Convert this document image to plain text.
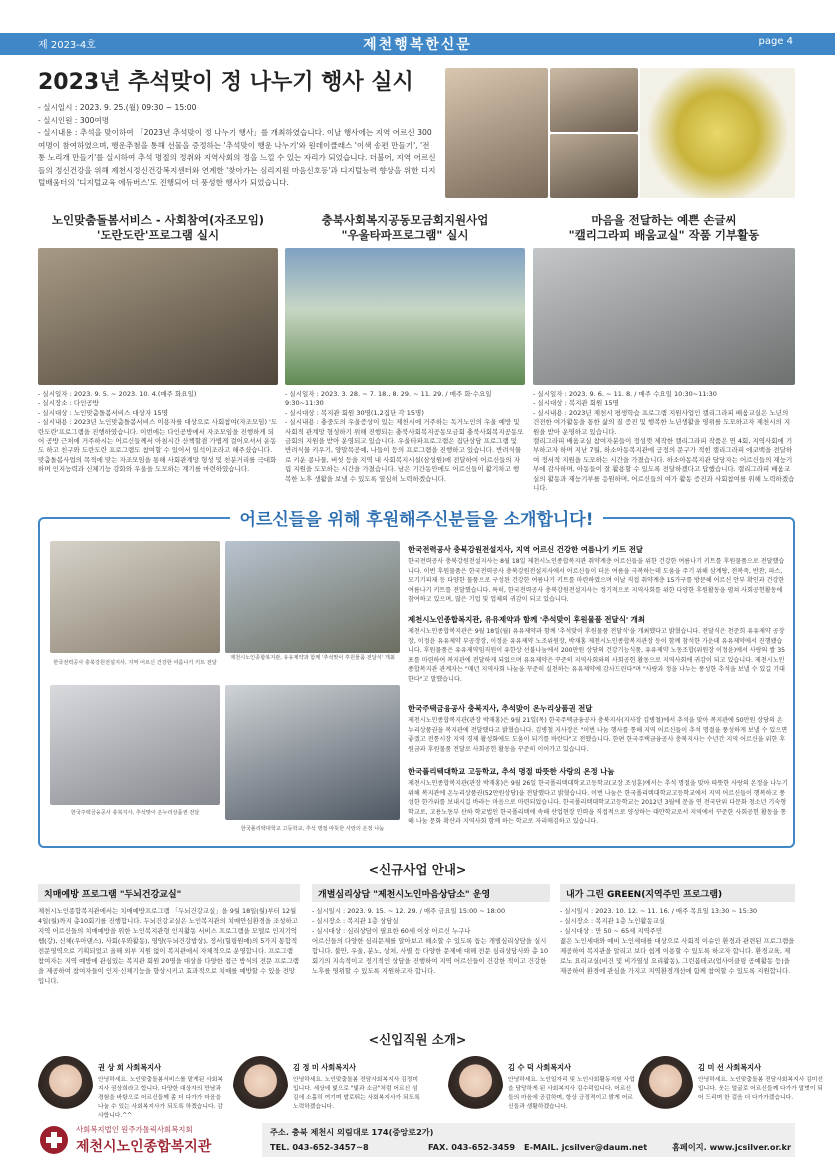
제 2023-4호	제천행복한신문	page 4
2023년 추석맞이 정 나누기 행사 실시
- 실시일시 : 2023. 9. 25.(월) 09:30 ~ 15:00
- 실시인원 : 300여명
- 실시내용 : 추석을 맞이하여 「2023년 추석맞이 정 나누기 행사」를 개최하였습니다. 이날 행사에는 지역 어르신 300여명이 참여하였으며, 행운추첨을 통해 선물을 증정하는 '추석맞이 행운 나누기'와 원데이클래스 '이색 송편 만들기', '전통 노리개 만들기'를 실시하여 추석 명절의 정취와 지역사회의 정을 느낄 수 있는 자리가 되었습니다. 더불어, 지역 어르신들의 정신건강을 위해 제천시정신건강복지센터와 연계한 '찾아가는 심리지원 마음신호등'과 디지털능력 향상을 위한 디지털배움터의 '디지털교육 에듀버스'도 진행되어 더 풍성한 행사가 되었습니다.
노인맞춤돌봄서비스 - 사회참여(자조모임)
'도란도란'프로그램 실시
충북사회복지공동모금회지원사업
"우울타파프로그램" 실시
마음을 전달하는 예쁜 손글씨
"캘리그라피 배움교실" 작품 기부활동
- 실시일자 : 2023. 9. 5. ~ 2023. 10. 4.(매주 화요일)
- 실시장소 : 다인공방
- 실시대상 : 노인맞춤돌봄서비스 대상자 15명
- 실시내용 : 2023년 노인맞춤돌봄서비스 이용자를 대상으로 사회참여(자조모임) '도란도란'프로그램을 진행하였습니다. 이번에는 다인공방에서 자조모임을 진행하게 되어 공방 근처에 거주하시는 어르신들께서 아침시간 산책할겸 가볍게 걸어오셔서 운동도 하고 친구와 도란도란 프로그램도 참여할 수 있어서 일석이조라고 해주셨습니다. 맞춤돌봄사업의 목적에 맞는 자조모임을 통해 사회관계망 형성 및 친분거리를 극대화하며 인지능력과 신체기능 강화와 우울을 도모하는 계기를 마련하였습니다.
- 실시일자 : 2023. 3. 28. ~ 7. 18., 8. 29. ~ 11. 29. / 매주 화·수요일 9:30~11:30
- 실시대상 : 복지관 회원 30명(1,2집단 각 15명)
- 실시내용 : 충중도의 우울증상이 있는 제천시에 거주하는 독거노인의 우울 예방 및 사회적 관계망 형성하기 위해 진행되는 충북사회복지공동모금회 충북사회복지공동모금회의 지원을 받아 운영되고 있습니다. 우울타파프로그램은 집단상담 프로그램 및 반려식물 키우기, 양말목공예, 나들이 등의 프로그램을 진행하고 있습니다. 반려식물로 키운 콩나물, 버섯 등을 지역 내 사회복지시설(삼성원)에 전달하여 어르신들의 자립 지원을 도모하는 시간을 가졌습니다. 남은 기간동안에도 어르신들이 활기차고 행복한 노후 생활을 보낼 수 있도록 열심히 노력하겠습니다.
- 실시일자 : 2023. 9. 6. ~ 11. 8. / 매주 수요일 10:30~11:30
- 실시대상 : 복지관 회원 15명
- 실시내용 : 2023년 제천시 평생학습 프로그램 지원사업인 캘리그라피 배움교실은 노년의 건전한 여가활동을 통한 삶의 질 증진 및 행복한 노년생활을 영위를 도모하고자 제천시의 지원을 받아 운영하고 있습니다.
캘리그라피 배움교실 참여자분들이 정성껏 제작한 캘리그라피 작품은 연 4회, 지역사회에 기부하고자 하며 지난 7월, 하소아동복지관에 긍정의 문구가 적힌 캘리그라피 에코백을 전달하여 정서적 지원을 도모하는 시간을 가졌습니다. 하소아동복지관 담당자는 어르신들의 재능기부에 감사하며, 아동들이 잘 활용할 수 있도록 전달하겠다고 답했습니다. 캘리그라피 배움교실의 활동과 재능기부를 응원하며, 어르신들의 여가 활동 증진과 사회참여를 위해 노력하겠습니다.
어르신들을 위해 후원해주신분들을 소개합니다!
한국전력공사 충북강원전설지사, 지역 어르신 건강한 여름나기 키트 전달
제천시노인종합복지관, 유유제약과 함께 '추석맞이 후원물품 전달식' 개최
한국주택금융공사 충북지사, 추석맞이 온누리상품권 전달
한국폴리텍대학교 고등학교, 추석 명절 따뜻한 사랑의 온정 나눔
한국전력공사 충북강원전설지사, 지역 어르신 건강한 여름나기 키트 전달

한국전력공사 충북강원전설지사는 8월 18일 제천시노인종합복지관 취약계층 어르신들을 위한 건강한 여름나기 키트를 후원물품으로 전달했습니다. 이번 후원물품은 한국전력공사 충북강원전설지사에서 어르신들이 더운 여름을 극복하는데 도움을 주기 위해 삼계탕, 전복죽, 반찬, 파스, 모기기피제 등 다양한 물품으로 구성된 건강한 여름나기 키트를 마련하였으며 이날 직접 취약계층 15가구를 방문해 어르신 안부 확인과 건강한 여름나기 키트를 전달했습니다. 특히, 한국전력공사 충북강원전설지사는 정기적으로 지역사회를 위한 다양한 후원활동을 펼쳐 사회공헌활동에 참여하고 있으며, 많은 기업 및 업체의 귀감이 되고 있습니다.

제천시노인종합복지관, 유유제약과 함께 '추석맞이 후원물품 전달식' 개최

제천시노인종합복지관은 9월 18일(월) 유유제약과 함께 '추석맞이 후원물품 전달식'을 개최했다고 밝혔습니다. 전달식은 천준희 유유제약 공장장, 이정윤 유유제약 부공장장, 이정윤 유유제약 노조위원장, 박재홍 제천시노인종합복지관장 등이 함께 참석한 가운데 유유제약에서 진행됐습니다. 후원물품은 유유제약임직원이 유한상 선불나눔에서 200만원 상당의 건강기능식품, 유유제약 노동조합(위원장 이정윤)에서 사랑의 쌀 35포를 마련하여 복지관에 전달하게 되었으며 유유제약은 꾸준히 지역사회와의 사회공헌 활동으로 지역사회에 귀감이 되고 있습니다. 제천시노인종합복지관 관계자는 "매년 지역사회 나눔을 꾸준히 실천하는 유유제약에 감사드린다"며 "사랑과 정을 나누는 풍성한 추석을 보낼 수 있길 기대한다"고 말했습니다.

한국주택금융공사 충북지사, 추석맞이 온누리상품권 전달

제천시노인종합복지관(관장 박재홍)은 9월 21일(목) 한국주택금융공사 충북지사(지사장 김병철)에서 추석을 맞아 복지관에 50만원 상당의 온누리상품권을 복지관에 전달했다고 밝혔습니다. 김병철 지사장은 "이번 나눔 행사를 통해 지역 어르신들이 추석 명절을 풍성하게 보낼 수 있으면 좋겠고 전통시장 지역 경제 활성화에도 도움이 되기를 바란다"고 전했습니다. 한편 한국주택금융공사 충북지사는 수년간 지역 어르신을 위한 후원금과 후원물품 전달로 사회공헌 활동을 꾸준히 이어가고 있습니다.

한국폴리텍대학교 고등학교, 추석 명절 따뜻한 사랑의 온정 나눔

제천시노인종합복지관(관장 박재홍)은 9월 26일 한국폴리텍대학교고등학교(교장 조성훈)에서는 추석 명절을 맞아 따뜻한 사랑의 온정을 나누기 위해 복지관에 온누리상품권(52만원상당)을 전달했다고 밝혔습니다. 이번 나눔은 한국폴리텍대학교고등학교에서 지역 어르신들이 행복하고 풍성한 한가위를 보내시길 바라는 마음으로 마련되었습니다. 한국폴리텍대학교고등학교는 2012년 3월에 문을 연 전국단위 다문화 청소년 기숙형 학교로, 고용노동부 산하 학교법인 한국폴리텍에 속해 산업현장 인력을 직접적으로 양성하는 대안학교로서 지역에서 꾸준한 사회공헌 활동을 통해 나눔 문화 확산과 지역사회 함께 하는 학교로 자리매김하고 있습니다.

<신규사업 안내>
치매예방 프로그램 "두뇌건강교실"

제천시노인종합복지관에서는 치매예방프로그램 「두뇌건강교실」을 9월 18일(월)부터 12월 4일(월)까지 총10회기를 진행합니다. 두뇌건강교실은 노인복지관의 치매안심환경을 조성하고 지역 어르신들의 치매예방을 위한 노인복지관형 인지활동 서비스 프로그램을 모델로 인지기억쌤(강), 신체(우아댄스), 사회(우와활동), 영양(두뇌건강밥상), 정서(힐링원예)의 5가지 통합적 전문영역으로 기획되었고 올해 외부 지원 없이 복지관에서 자체적으로 운영합니다. 프로그램 참여자는 지역 예방에 관심있는 복지관 회원 20명을 대상을 다양한 접근 방식의 전문 프로그램을 제공하여 참여자들이 인지·신체기능을 향상시키고 효과적으로 치매를 예방할 수 있을 전망입니다.

개별심리상담 "제천시노인마음상담소" 운영

- 실시일시 : 2023. 9. 15. ~ 12. 29. / 매주 금요일 15:00 ~ 18:00
- 실시장소 : 복지관 1층 상담실
- 실시대상 : 심리상담이 필요한 60세 이상 어르신 누구나
어르신들의 다양한 심리문제를 알아보고 해소할 수 있도록 돕는 개별심리상담을 실시합니다. 불안, 우울, 분노, 상처, 사별 등 다양한 문제에 대해 전문 심리상담사와 총 10회기의 지속적이고 정기적인 상담을 진행하여 지역 어르신들이 건강한 적이고 건강한 노후를 영위할 수 있도록 지원하고자 합니다.

내가 그린 GREEN(지역주민 프로그램)

- 실시일시 : 2023. 10. 12. ~ 11. 16. / 매주 목요일 13:30 ~ 15:30
- 실시장소 : 복지관 1층 노인활동교실
- 실시대상 : 만 50 ~ 65세 지역주민
젊은 노인세대와 예비 노인세대를 대상으로 사회적 이슈인 환경과 관련된 프로그램을 제공하여 복지관을 알리고 보다 쉽게 이용할 수 있도록 하고자 합니다. 환경교육, 제로노 요리교실(비건 및 비가열성 요리활동), 그린폼테코(업사이클링 공예활동 등)을 제공하여 환경에 관심을 가지고 지역환경개선에 함께 참여할 수 있도록 지원합니다.

<신입직원 소개>
권 상 희 사회복지사
안녕하세요. 노인맞춤돌봄서비스를 맡게된 사회복지사 권상희라고 합니다. 다양한 대상자의 만남과 경험을 바탕으로 어르신들께 좀 더 다가가 마음을 나눌 수 있는 사회복지사가 되도록 하겠습니다. 감사합니다.^^
김 정 미 사회복지사
안녕하세요. 노인맞춤돌봄 전담사회복지사 김정미입니다. 세상에 빛으로 "빛과 소금"처럼 어르신 섬김에 소홀히 여기며 발로뛰는 사회복지사가 되도록 노력하겠습니다.
김 수 덕 사회복지사
안녕하세요. 노인일자리 및 노인사회활동지원 사업을 담당하게 된 사회복지사 김수덕입니다. 어르신들의 마음에 공감하며, 항상 긍정적이고 밝게 어르신들과 생활하겠습니다.
김 미 선 사회복지사
안녕하세요. 노인맞춤돌봄 전담사회복지사 김미선입니다. 웃는 얼굴로 어르신들께 다가가 말벗이 되어 드리며 한 걸음 더 다가가겠습니다.
사회복지법인 원주가톨릭사회복지회
제천시노인종합복지관
주소. 충북 제천시 의림대로 174(중앙로2가)
TEL. 043-652-3457~8	FAX. 043-652-3459 E-MAIL. jcsilver@daum.net	홈페이지. www.jcsilver.or.kr
